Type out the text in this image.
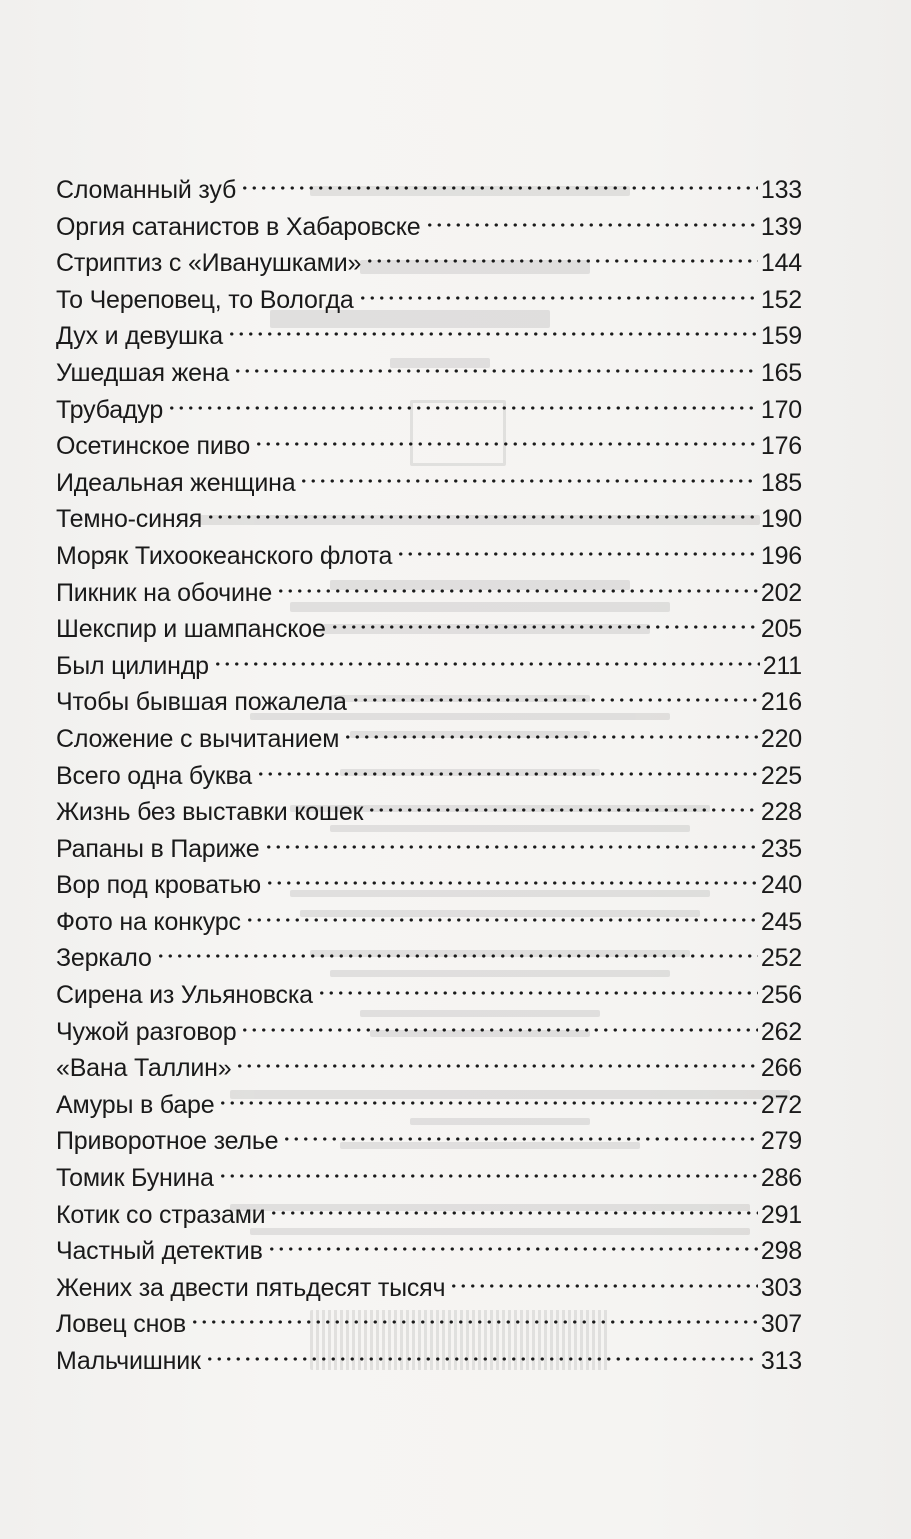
Сломанный зуб	133
Оргия сатанистов в Хабаровске	139
Стриптиз с «Иванушками»	144
То Череповец, то Вологда	152
Дух и девушка	159
Ушедшая жена	165
Трубадур	170
Осетинское пиво	176
Идеальная женщина	185
Темно-синяя	190
Моряк Тихоокеанского флота	196
Пикник на обочине	202
Шекспир и шампанское	205
Был цилиндр	211
Чтобы бывшая пожалела	216
Сложение с вычитанием	220
Всего одна буква	225
Жизнь без выставки кошек	228
Рапаны в Париже	235
Вор под кроватью	240
Фото на конкурс	245
Зеркало	252
Сирена из Ульяновска	256
Чужой разговор	262
«Вана Таллин»	266
Амуры в баре	272
Приворотное зелье	279
Томик Бунина	286
Котик со стразами	291
Частный детектив	298
Жених за двести пятьдесят тысяч	303
Ловец снов	307
Мальчишник	313
